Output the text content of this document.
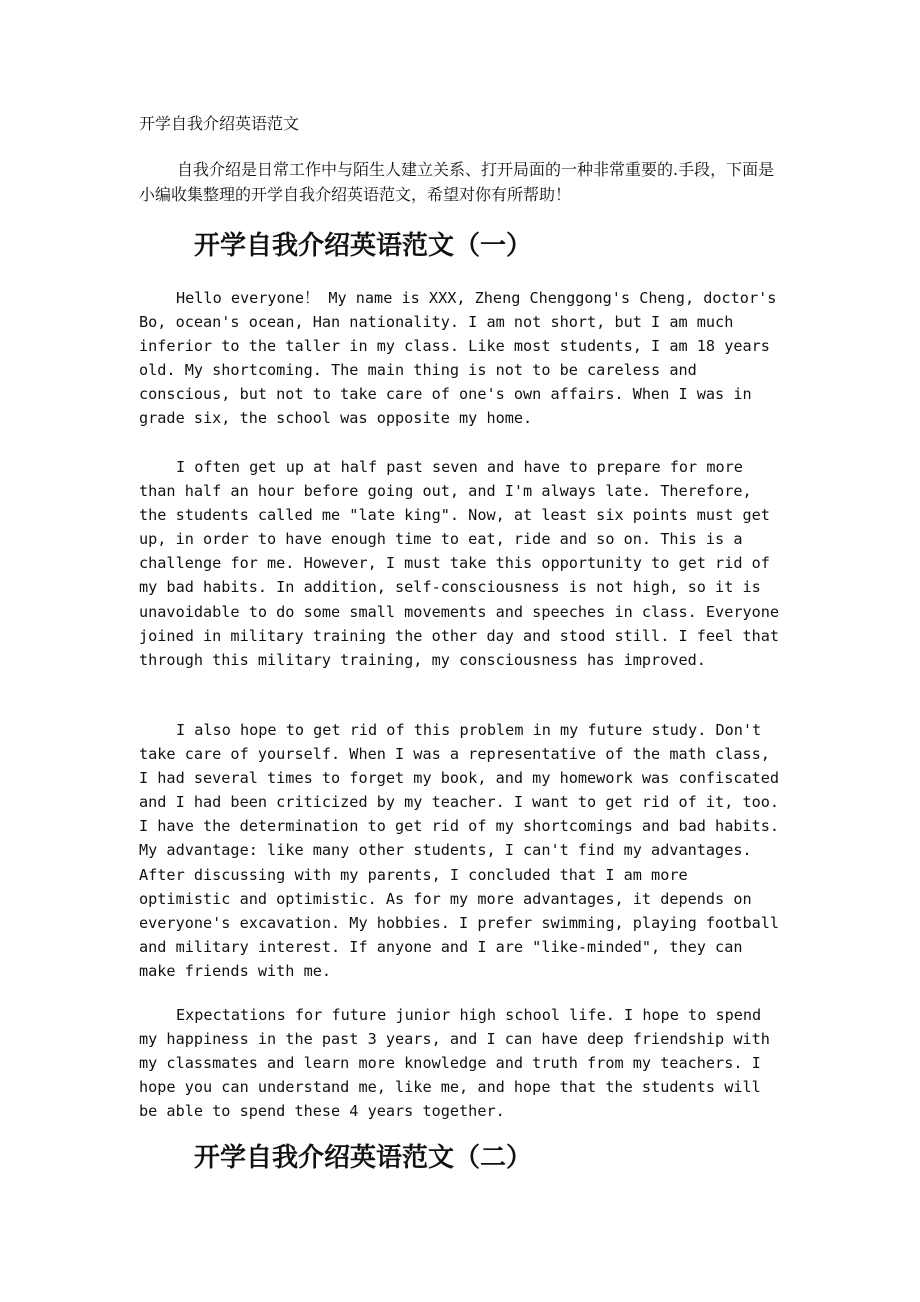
开学自我介绍英语范文

自我介绍是日常工作中与陌生人建立关系、打开局面的一种非常重要的.手段，下面是小编收集整理的开学自我介绍英语范文，希望对你有所帮助！

开学自我介绍英语范文（一）

Hello everyone！ My name is XXX, Zheng Chenggong's Cheng, doctor's Bo, ocean's ocean, Han nationality. I am not short, but I am much inferior to the taller in my class. Like most students, I am 18 years old. My shortcoming. The main thing is not to be careless and conscious, but not to take care of one's own affairs. When I was in grade six, the school was opposite my home.

I often get up at half past seven and have to prepare for more than half an hour before going out, and I'm always late. Therefore, the students called me "late king". Now, at least six points must get up, in order to have enough time to eat, ride and so on. This is a challenge for me. However, I must take this opportunity to get rid of my bad habits. In addition, self-consciousness is not high, so it is unavoidable to do some small movements and speeches in class. Everyone joined in military training the other day and stood still. I feel that through this military training, my consciousness has improved.

I also hope to get rid of this problem in my future study. Don't take care of yourself. When I was a representative of the math class, I had several times to forget my book, and my homework was confiscated and I had been criticized by my teacher. I want to get rid of it, too. I have the determination to get rid of my shortcomings and bad habits. My advantage: like many other students, I can't find my advantages. After discussing with my parents, I concluded that I am more optimistic and optimistic. As for my more advantages, it depends on everyone's excavation. My hobbies. I prefer swimming, playing football and military interest. If anyone and I are "like-minded", they can make friends with me.

Expectations for future junior high school life. I hope to spend my happiness in the past 3 years, and I can have deep friendship with my classmates and learn more knowledge and truth from my teachers. I hope you can understand me, like me, and hope that the students will be able to spend these 4 years together.

开学自我介绍英语范文（二）
